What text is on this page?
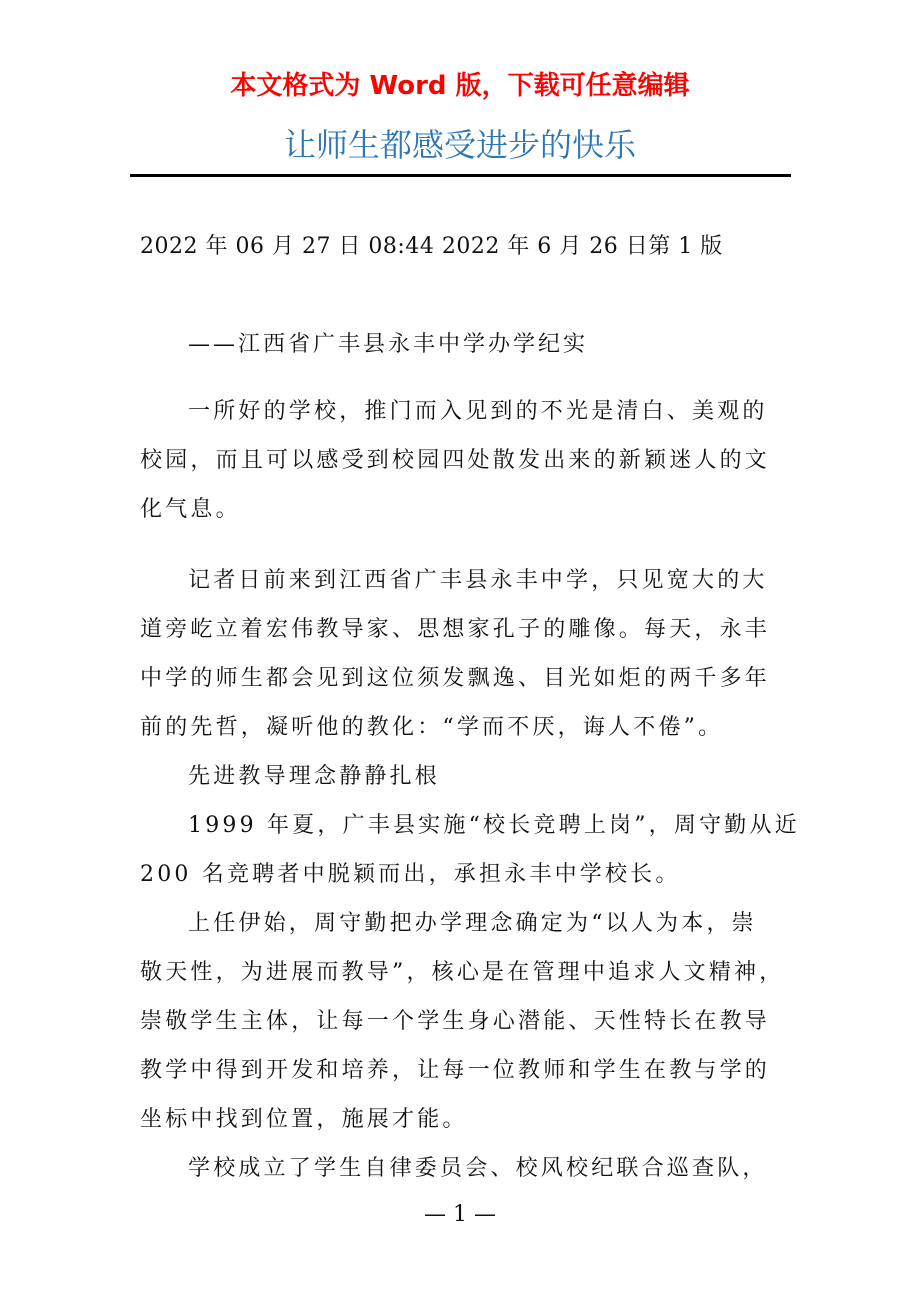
本文格式为 Word 版，下载可任意编辑
让师生都感受进步的快乐
2022 年 06 月 27 日 08:44 2022 年 6 月 26 日第 1 版
——江西省广丰县永丰中学办学纪实
一所好的学校，推门而入见到的不光是清白、美观的
校园，而且可以感受到校园四处散发出来的新颖迷人的文
化气息。
记者日前来到江西省广丰县永丰中学，只见宽大的大
道旁屹立着宏伟教导家、思想家孔子的雕像。每天，永丰
中学的师生都会见到这位须发飘逸、目光如炬的两千多年
前的先哲，凝听他的教化：“学而不厌，诲人不倦”。
先进教导理念静静扎根
1999 年夏，广丰县实施“校长竞聘上岗”，周守勤从近
200 名竞聘者中脱颖而出，承担永丰中学校长。
上任伊始，周守勤把办学理念确定为“以人为本，崇
敬天性，为进展而教导”，核心是在管理中追求人文精神，
崇敬学生主体，让每一个学生身心潜能、天性特长在教导
教学中得到开发和培养，让每一位教师和学生在教与学的
坐标中找到位置，施展才能。
学校成立了学生自律委员会、校风校纪联合巡查队，
— 1 —
